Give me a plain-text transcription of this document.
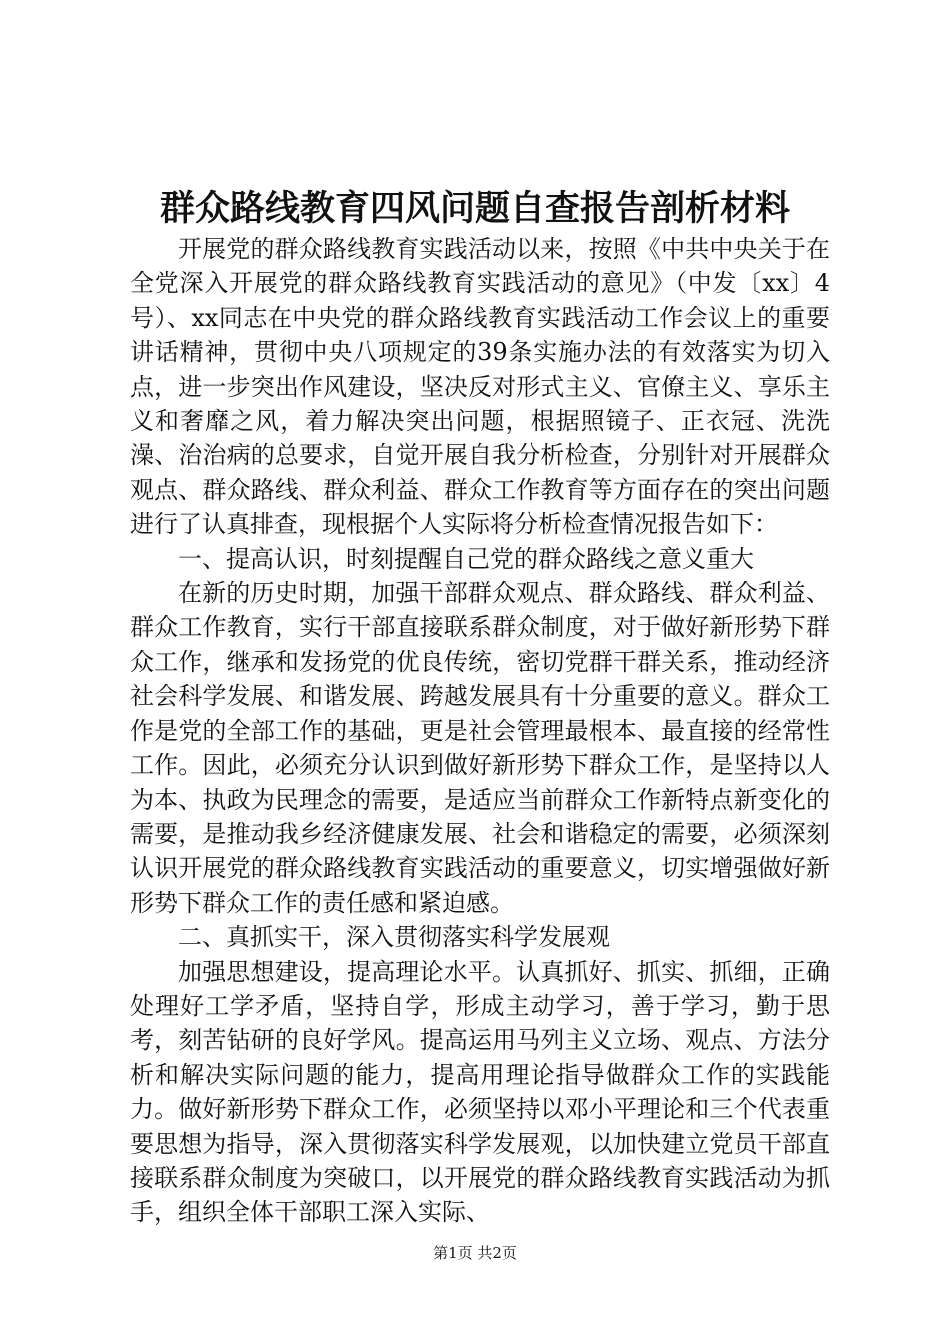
群众路线教育四风问题自查报告剖析材料

开展党的群众路线教育实践活动以来，按照《中共中央关于在全党深入开展党的群众路线教育实践活动的意见》（中发〔xx〕4号）、xx同志在中央党的群众路线教育实践活动工作会议上的重要讲话精神，贯彻中央八项规定的39条实施办法的有效落实为切入点，进一步突出作风建设，坚决反对形式主义、官僚主义、享乐主义和奢靡之风，着力解决突出问题，根据照镜子、正衣冠、洗洗澡、治治病的总要求，自觉开展自我分析检查，分别针对开展群众观点、群众路线、群众利益、群众工作教育等方面存在的突出问题进行了认真排查，现根据个人实际将分析检查情况报告如下：

一、提高认识，时刻提醒自己党的群众路线之意义重大

在新的历史时期，加强干部群众观点、群众路线、群众利益、群众工作教育，实行干部直接联系群众制度，对于做好新形势下群众工作，继承和发扬党的优良传统，密切党群干群关系，推动经济社会科学发展、和谐发展、跨越发展具有十分重要的意义。群众工作是党的全部工作的基础，更是社会管理最根本、最直接的经常性工作。因此，必须充分认识到做好新形势下群众工作，是坚持以人为本、执政为民理念的需要，是适应当前群众工作新特点新变化的需要，是推动我乡经济健康发展、社会和谐稳定的需要，必须深刻认识开展党的群众路线教育实践活动的重要意义，切实增强做好新形势下群众工作的责任感和紧迫感。

二、真抓实干，深入贯彻落实科学发展观

加强思想建设，提高理论水平。认真抓好、抓实、抓细，正确处理好工学矛盾，坚持自学，形成主动学习，善于学习，勤于思考，刻苦钻研的良好学风。提高运用马列主义立场、观点、方法分析和解决实际问题的能力，提高用理论指导做群众工作的实践能力。做好新形势下群众工作，必须坚持以邓小平理论和三个代表重要思想为指导，深入贯彻落实科学发展观，以加快建立党员干部直接联系群众制度为突破口，以开展党的群众路线教育实践活动为抓手，组织全体干部职工深入实际、

第1页 共2页
